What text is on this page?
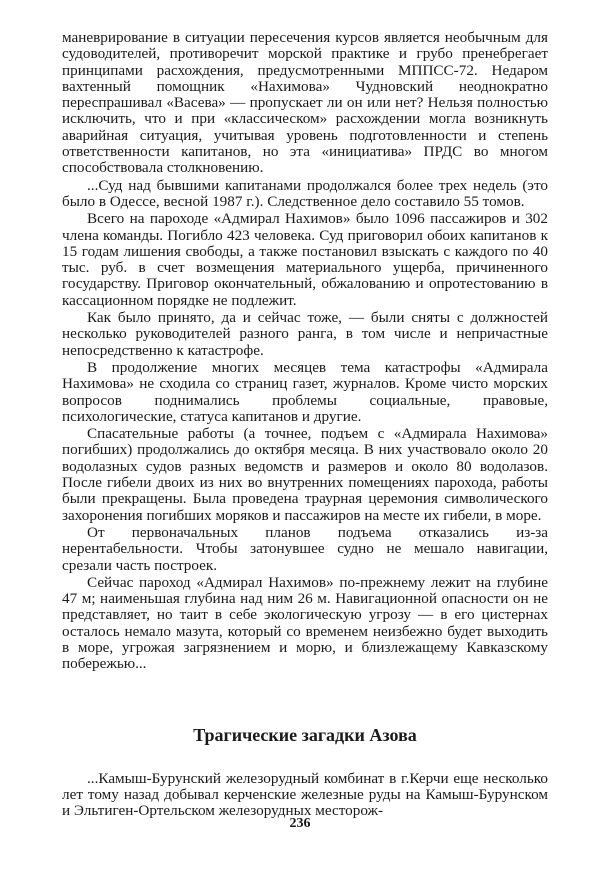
маневрирование в ситуации пересечения курсов является необычным для судоводителей, противоречит морской практике и грубо пренебрегает принципами расхождения, предусмотренными МППСС-72. Недаром вахтенный помощник «Нахимова» Чудновский неоднократно переспрашивал «Васева» — пропускает ли он или нет? Нельзя полностью исключить, что и при «классическом» расхождении могла возникнуть аварийная ситуация, учитывая уровень подготовленности и степень ответственности капитанов, но эта «инициатива» ПРДС во многом способствовала столкновению.

...Суд над бывшими капитанами продолжался более трех недель (это было в Одессе, весной 1987 г.). Следственное дело составило 55 томов.

Всего на пароходе «Адмирал Нахимов» было 1096 пассажиров и 302 члена команды. Погибло 423 человека. Суд приговорил обоих капитанов к 15 годам лишения свободы, а также постановил взыскать с каждого по 40 тыс. руб. в счет возмещения материального ущерба, причиненного государству. Приговор окончательный, обжалованию и опротестованию в кассационном порядке не подлежит.

Как было принято, да и сейчас тоже, — были сняты с должностей несколько руководителей разного ранга, в том числе и непричастные непосредственно к катастрофе.

В продолжение многих месяцев тема катастрофы «Адмирала Нахимова» не сходила со страниц газет, журналов. Кроме чисто морских вопросов поднимались проблемы социальные, правовые, психологические, статуса капитанов и другие.

Спасательные работы (а точнее, подъем с «Адмирала Нахимова» погибших) продолжались до октября месяца. В них участвовало около 20 водолазных судов разных ведомств и размеров и около 80 водолазов. После гибели двоих из них во внутренних помещениях парохода, работы были прекращены. Была проведена траурная церемония символического захоронения погибших моряков и пассажиров на месте их гибели, в море.

От первоначальных планов подъема отказались из-за нерентабельности. Чтобы затонувшее судно не мешало навигации, срезали часть построек.

Сейчас пароход «Адмирал Нахимов» по-прежнему лежит на глубине 47 м; наименьшая глубина над ним 26 м. Навигационной опасности он не представляет, но таит в себе экологическую угрозу — в его цистернах осталось немало мазута, который со временем неизбежно будет выходить в море, угрожая загрязнением и морю, и близлежащему Кавказскому побережью...

Трагические загадки Азова

...Камыш-Бурунский железорудный комбинат в г.Керчи еще несколько лет тому назад добывал керченские железные руды на Камыш-Бурунском и Эльтиген-Ортельском железорудных месторож-

236
